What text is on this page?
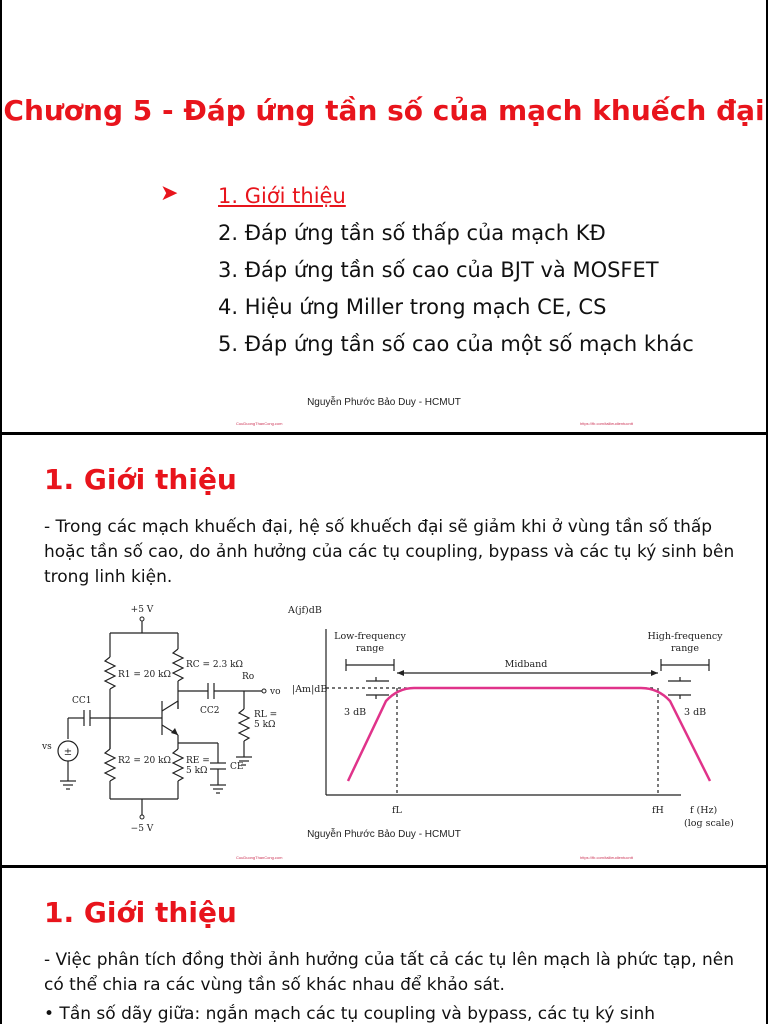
Chương 5 - Đáp ứng tần số của mạch khuếch đại
➤ 1. Giới thiệu
2. Đáp ứng tần số thấp của mạch KĐ
3. Đáp ứng tần số cao của BJT và MOSFET
4. Hiệu ứng Miller trong mạch CE, CS
5. Đáp ứng tần số cao của một số mạch khác
Nguyễn Phước Bảo Duy - HCMUT
CuuDuongThanCong.com	https://fb.com/tailieudientucntt
1. Giới thiệu
- Trong các mạch khuếch đại, hệ số khuếch đại sẽ giảm khi ở vùng tần số thấp hoặc tần số cao, do ảnh hưởng của các tụ coupling, bypass và các tụ ký sinh bên trong linh kiện.
±
+5 V
−5 V
R1 = 20 kΩ
R2 = 20 kΩ
RC = 2.3 kΩ
RE =
5 kΩ
RL =
5 kΩ
Ro
CC1
CC2
CE
vs
vo
A(jf)dB
|Am|dB
Low-frequency
range
High-frequency
range
Midband
3 dB	3 dB
fL	fH	f (Hz)
(log scale)
Nguyễn Phước Bảo Duy - HCMUT
CuuDuongThanCong.com	https://fb.com/tailieudientucntt
1. Giới thiệu
- Việc phân tích đồng thời ảnh hưởng của tất cả các tụ lên mạch là phức tạp, nên có thể chia ra các vùng tần số khác nhau để khảo sát.
• Tần số dãy giữa: ngắn mạch các tụ coupling và bypass, các tụ ký sinh
